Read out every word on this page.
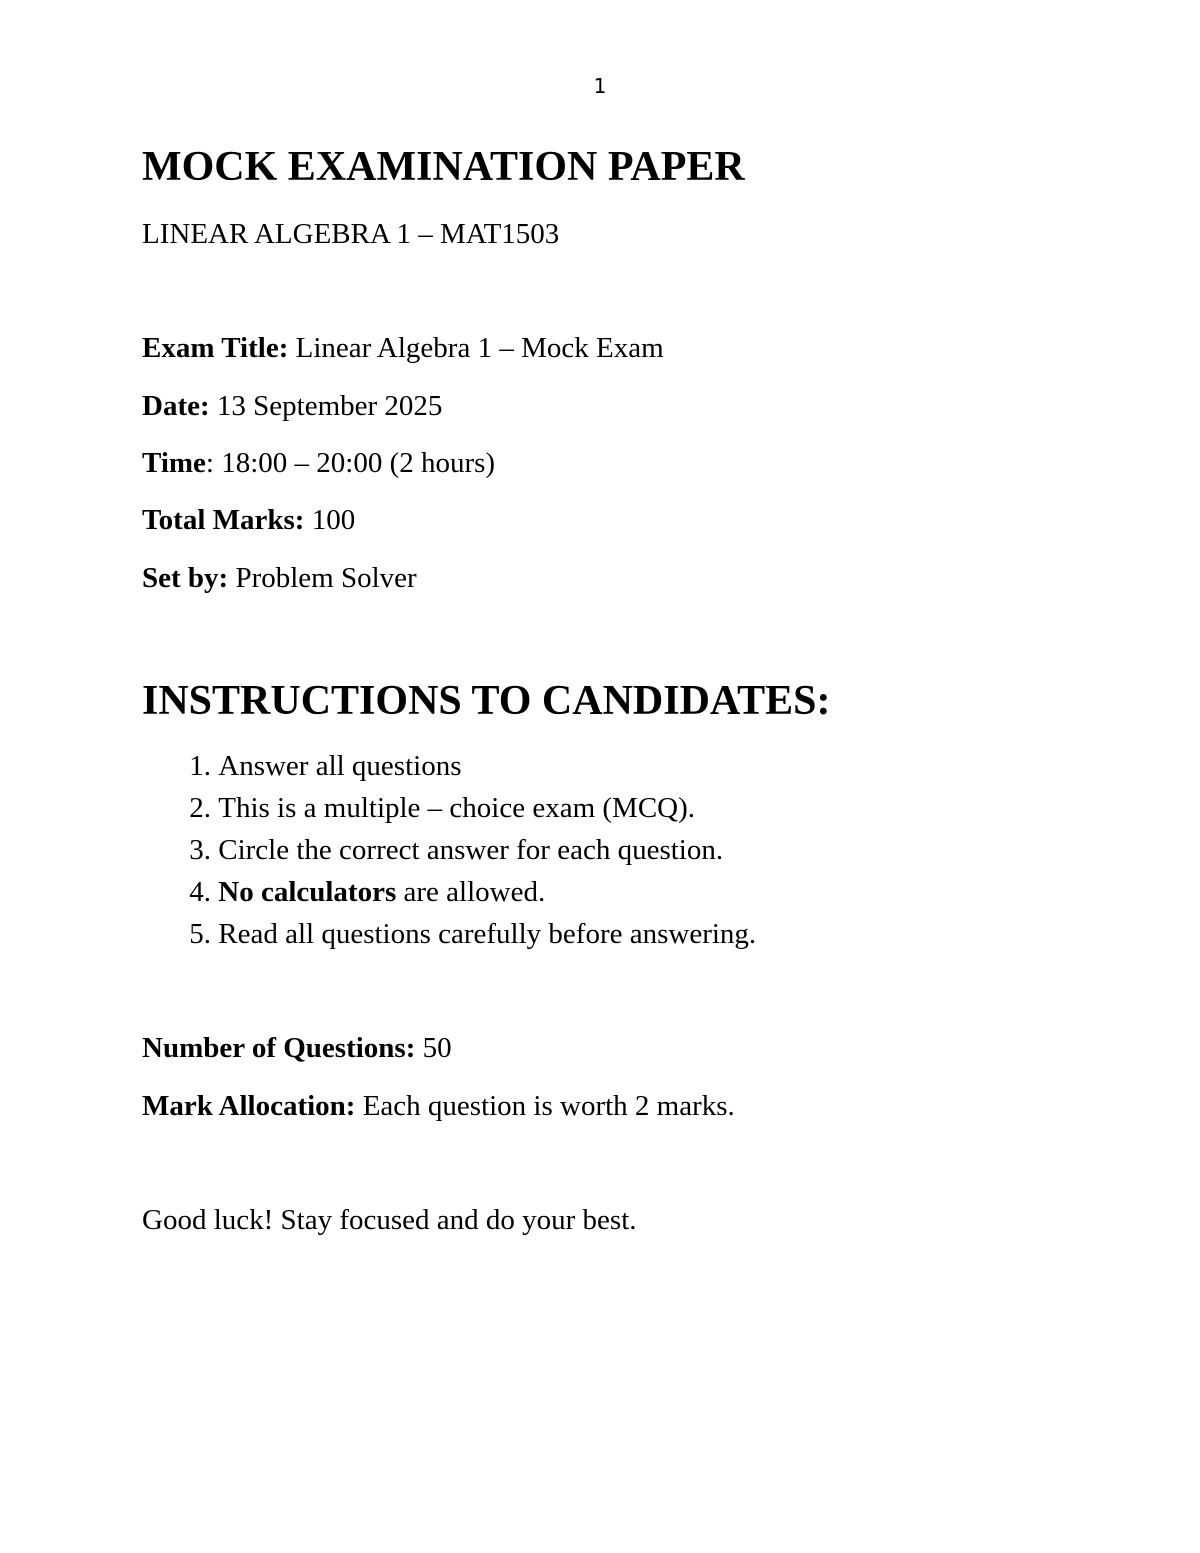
1
MOCK EXAMINATION PAPER

LINEAR ALGEBRA 1 – MAT1503

Exam Title: Linear Algebra 1 – Mock Exam

Date: 13 September 2025

Time: 18:00 – 20:00 (2 hours)

Total Marks: 100

Set by: Problem Solver

INSTRUCTIONS TO CANDIDATES:
1. Answer all questions
2. This is a multiple – choice exam (MCQ).
3. Circle the correct answer for each question.
4. No calculators are allowed.
5. Read all questions carefully before answering.

Number of Questions: 50

Mark Allocation: Each question is worth 2 marks.

Good luck! Stay focused and do your best.
